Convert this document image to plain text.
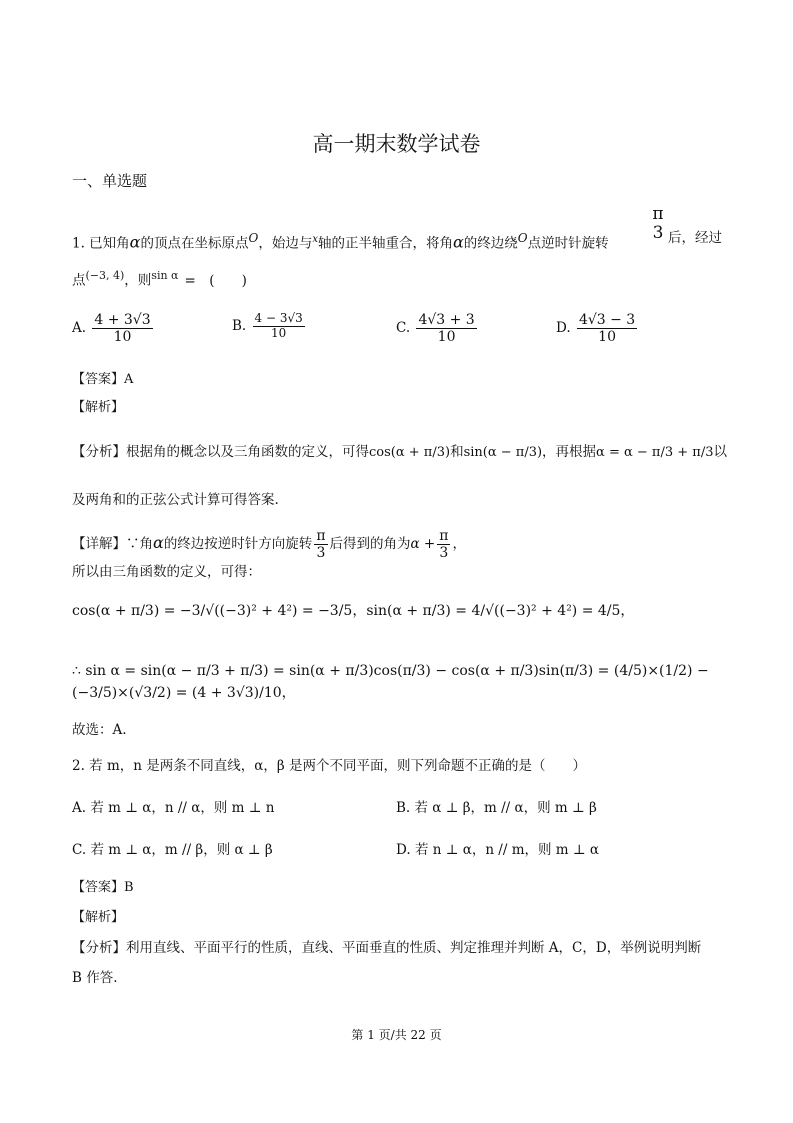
高一期末数学试卷
一、单选题
1. 已知角α的顶点在坐标原点O，始边与$^x$轴的正半轴重合，将角α的终边绕O点逆时针旋转
π
3 后，经过
点$^{(-3, 4)}$，则$^{sin \alpha}$ =　(　　)
A. $\frac{4 + 3√3}{10}$	B. $\frac{4 - 3√3}{10}$	C. $\frac{4√3 + 3}{10}$	D. $\frac{4√3 - 3}{10}$
【答案】A
【解析】
【分析】根据角的概念以及三角函数的定义，可得cos(α + π/3)和sin(α − π/3)，再根据α = α − π/3 + π/3以
及两角和的正弦公式计算可得答案.
【详解】∵角α的终边按逆时针方向旋转 $\frac{\pi}{3}$ 后得到的角为$\alpha + \frac{\pi}{3}$ ，
所以由三角函数的定义，可得：
cos(α + π/3) = −3/√((−3)² + 4²) = −3/5，sin(α + π/3) = 4/√((−3)² + 4²) = 4/5，
∴ sin α = sin(α − π/3 + π/3) = sin(α + π/3)cos(π/3) − cos(α + π/3)sin(π/3) = (4/5)×(1/2) − (−3/5)×(√3/2) = (4 + 3√3)/10，
故选：A.
2. 若 m，n 是两条不同直线，α，β 是两个不同平面，则下列命题不正确的是（　　）
A. 若 m ⊥ α，n // α，则 m ⊥ n	B. 若 α ⊥ β，m // α，则 m ⊥ β
C. 若 m ⊥ α，m // β，则 α ⊥ β	D. 若 n ⊥ α，n // m，则 m ⊥ α
【答案】B
【解析】
【分析】利用直线、平面平行的性质，直线、平面垂直的性质、判定推理并判断 A，C，D，举例说明判断
B 作答.
第 1 页/共 22 页
